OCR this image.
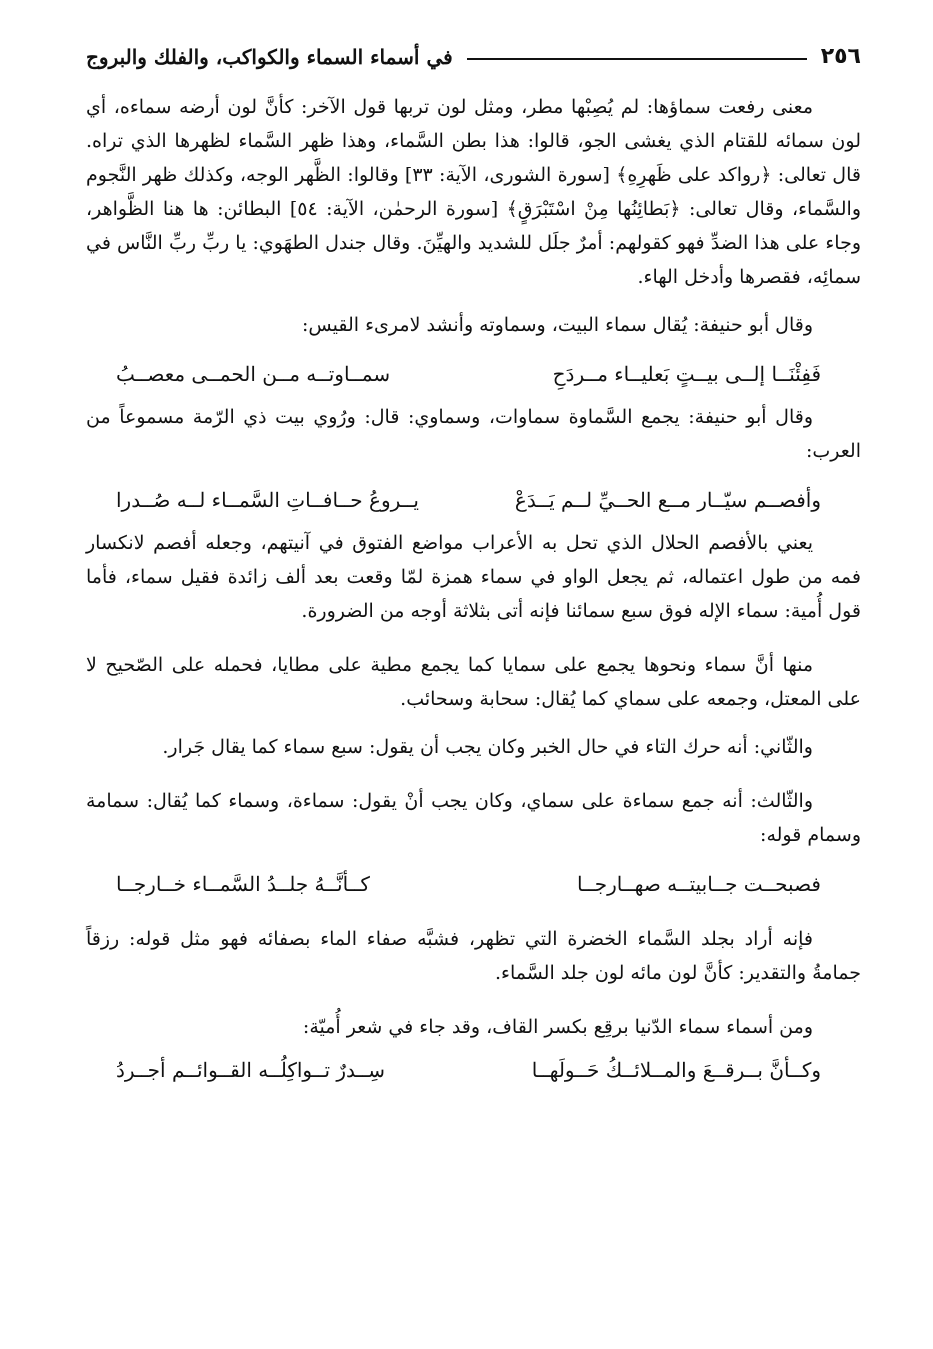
٢٥٦
في أسماء السماء والكواكب، والفلك والبروج

معنى رفعت سماؤها: لم يُصِبْها مطر، ومثل لون تربها قول الآخر: كأنَّ لون أرضه سماءه، أي لون سمائه للقتام الذي يغشى الجو، قالوا: هذا بطن السَّماء، وهذا ظهر السَّماء لظهرها الذي تراه. قال تعالى: ﴿رواكد على ظَهرِهِ﴾ [سورة الشورى، الآية: ٣٣] وقالوا: الظَّهر الوجه، وكذلك ظهر النَّجوم والسَّماء، وقال تعالى: ﴿بَطائِنُها مِنْ اسْتَبْرَقٍ﴾ [سورة الرحمٰن، الآية: ٥٤] البطائن: ها هنا الظَّواهر، وجاء على هذا الضدِّ فهو كقولهم: أمرٌ جلَل للشديد والهيِّنَ. وقال جندل الطهَوي: يا ربِّ ربِّ النَّاس في سمائِه، فقصرها وأدخل الهاء.

وقال أبو حنيفة: يُقال سماء البيت، وسماوته وأنشد لامرىء القيس:

فَفِئْنَــا إلــى بيــتٍ بَعليــاء مــردَحِ
سمــاوتــه مــن الحمــى معصــبُ

وقال أبو حنيفة: يجمع السَّماوة سماوات، وسماوي: قال: ورُوي بيت ذي الرّمة مسموعاً من العرب:

وأفصــم سيّــار مــع الحــيِّ لــم يَــدَعْ
يــروعُ حــافــاتِ السَّمــاء لــه صُــدرا

يعني بالأفصم الحلال الذي تحل به الأعراب مواضع الفتوق في آنيتهم، وجعله أفصم لانكسار فمه من طول اعتماله، ثم يجعل الواو في سماء همزة لمّا وقعت بعد ألف زائدة فقيل سماء، فأما قول أُمية: سماء الإله فوق سبع سمائنا فإنه أتى بثلاثة أوجه من الضرورة.

منها أنَّ سماء ونحوها يجمع على سمايا كما يجمع مطية على مطايا، فحمله على الصّحيح لا على المعتل، وجمعه على سماي كما يُقال: سحابة وسحائب.

والثّاني: أنه حرك التاء في حال الخبر وكان يجب أن يقول: سبع سماء كما يقال جَرار.

والثّالث: أنه جمع سماءة على سماي، وكان يجب أنْ يقول: سماءة، وسماء كما يُقال: سمامة وسمام قوله:

فصبحــت جــابيتــه صهــارجــا
كــأنَّــهُ جلــدُ السَّمــاء خــارجــا

فإنه أراد بجلد السَّماء الخضرة التي تظهر، فشبَّه صفاء الماء بصفائه فهو مثل قوله: رزقاً جمامةُ والتقدير: كأنَّ لون مائه لون جلد السَّماء.

ومن أسماء سماء الدّنيا برقِع بكسر القاف، وقد جاء في شعر أُميّة:

وكــأنَّ بــرقــعَ والمــلائــكُ حَــولَهــا
سِــدرٌ تــواكِلُــه القــوائــم أجــردُ
